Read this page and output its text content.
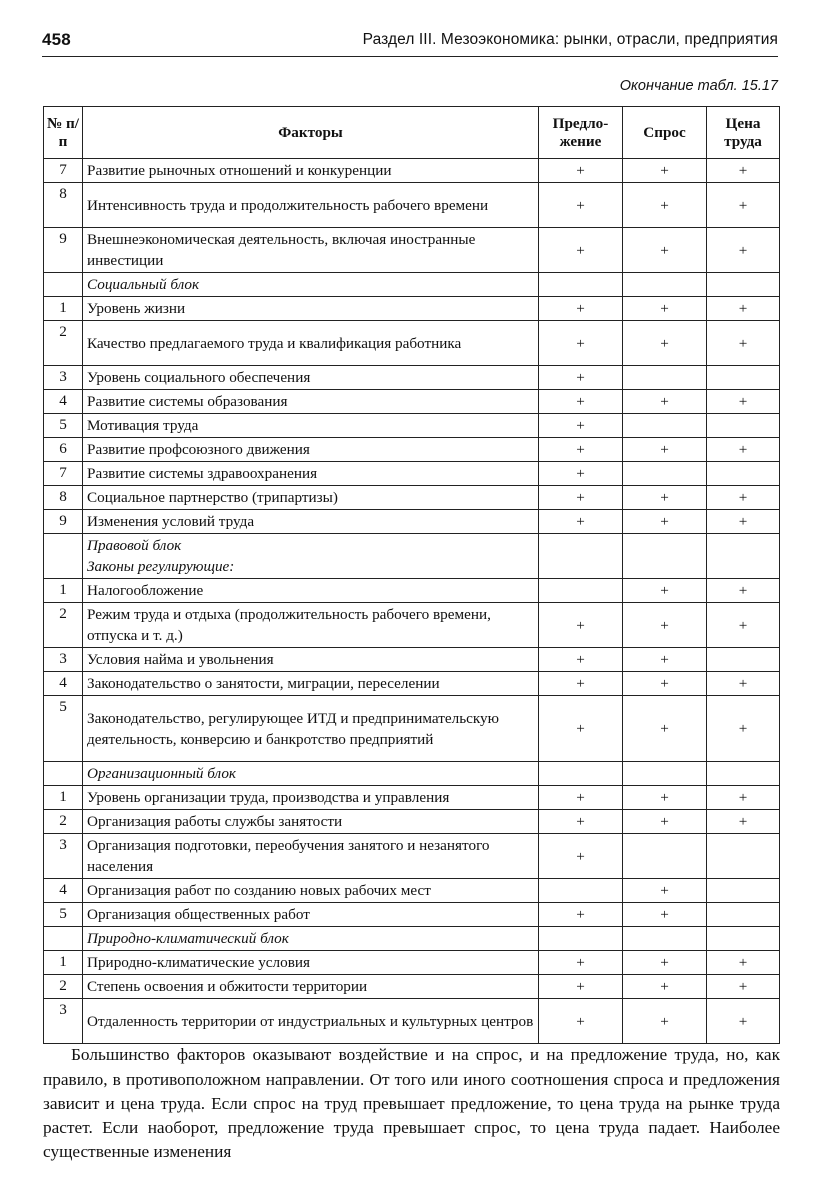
458	Раздел III. Мезоэкономика: рынки, отрасли, предприятия
Окончание табл. 15.17
№ п/п	Факторы	Предло-жение	Спрос	Цена труда
7	Развитие рыночных отношений и конкуренции	+	+	+
8	Интенсивность труда и продолжительность рабочего времени	+	+	+
9	Внешнеэкономическая деятельность, включая иностранные инвестиции	+	+	+

	Социальный блок			

1	Уровень жизни	+	+	+
2	Качество предлагаемого труда и квалификация работника	+	+	+
3	Уровень социального обеспечения	+		
4	Развитие системы образования	+	+	+
5	Мотивация труда	+		
6	Развитие профсоюзного движения	+	+	+
7	Развитие системы здравоохранения	+		
8	Социальное партнерство (трипартизы)	+	+	+
9	Изменения условий труда	+	+	+

	Правовой блок
Законы регулирующие:			

1	Налогообложение		+	+
2	Режим труда и отдыха (продолжительность рабочего времени, отпуска и т. д.)	+	+	+
3	Условия найма и увольнения	+	+	
4	Законодательство о занятости, миграции, переселении	+	+	+
5	Законодательство, регулирующее ИТД и предпринимательскую деятельность, конверсию и банкротство предприятий	+	+	+

	Организационный блок			

1	Уровень организации труда, производства и управления	+	+	+
2	Организация работы службы занятости	+	+	+
3	Организация подготовки, переобучения занятого и незанятого населения	+		
4	Организация работ по созданию новых рабочих мест		+	
5	Организация общественных работ	+	+	

	Природно-климатический блок			

1	Природно-климатические условия	+	+	+
2	Степень освоения и обжитости территории	+	+	+
3	Отдаленность территории от индустриальных и культурных центров	+	+	+

Большинство факторов оказывают воздействие и на спрос, и на предложение труда, но, как правило, в противоположном направлении. От того или иного соотношения спроса и предложения зависит и цена труда. Если спрос на труд превышает предложение, то цена труда на рынке труда растет. Если наоборот, предложение труда превышает спрос, то цена труда падает. Наиболее существенные изменения
